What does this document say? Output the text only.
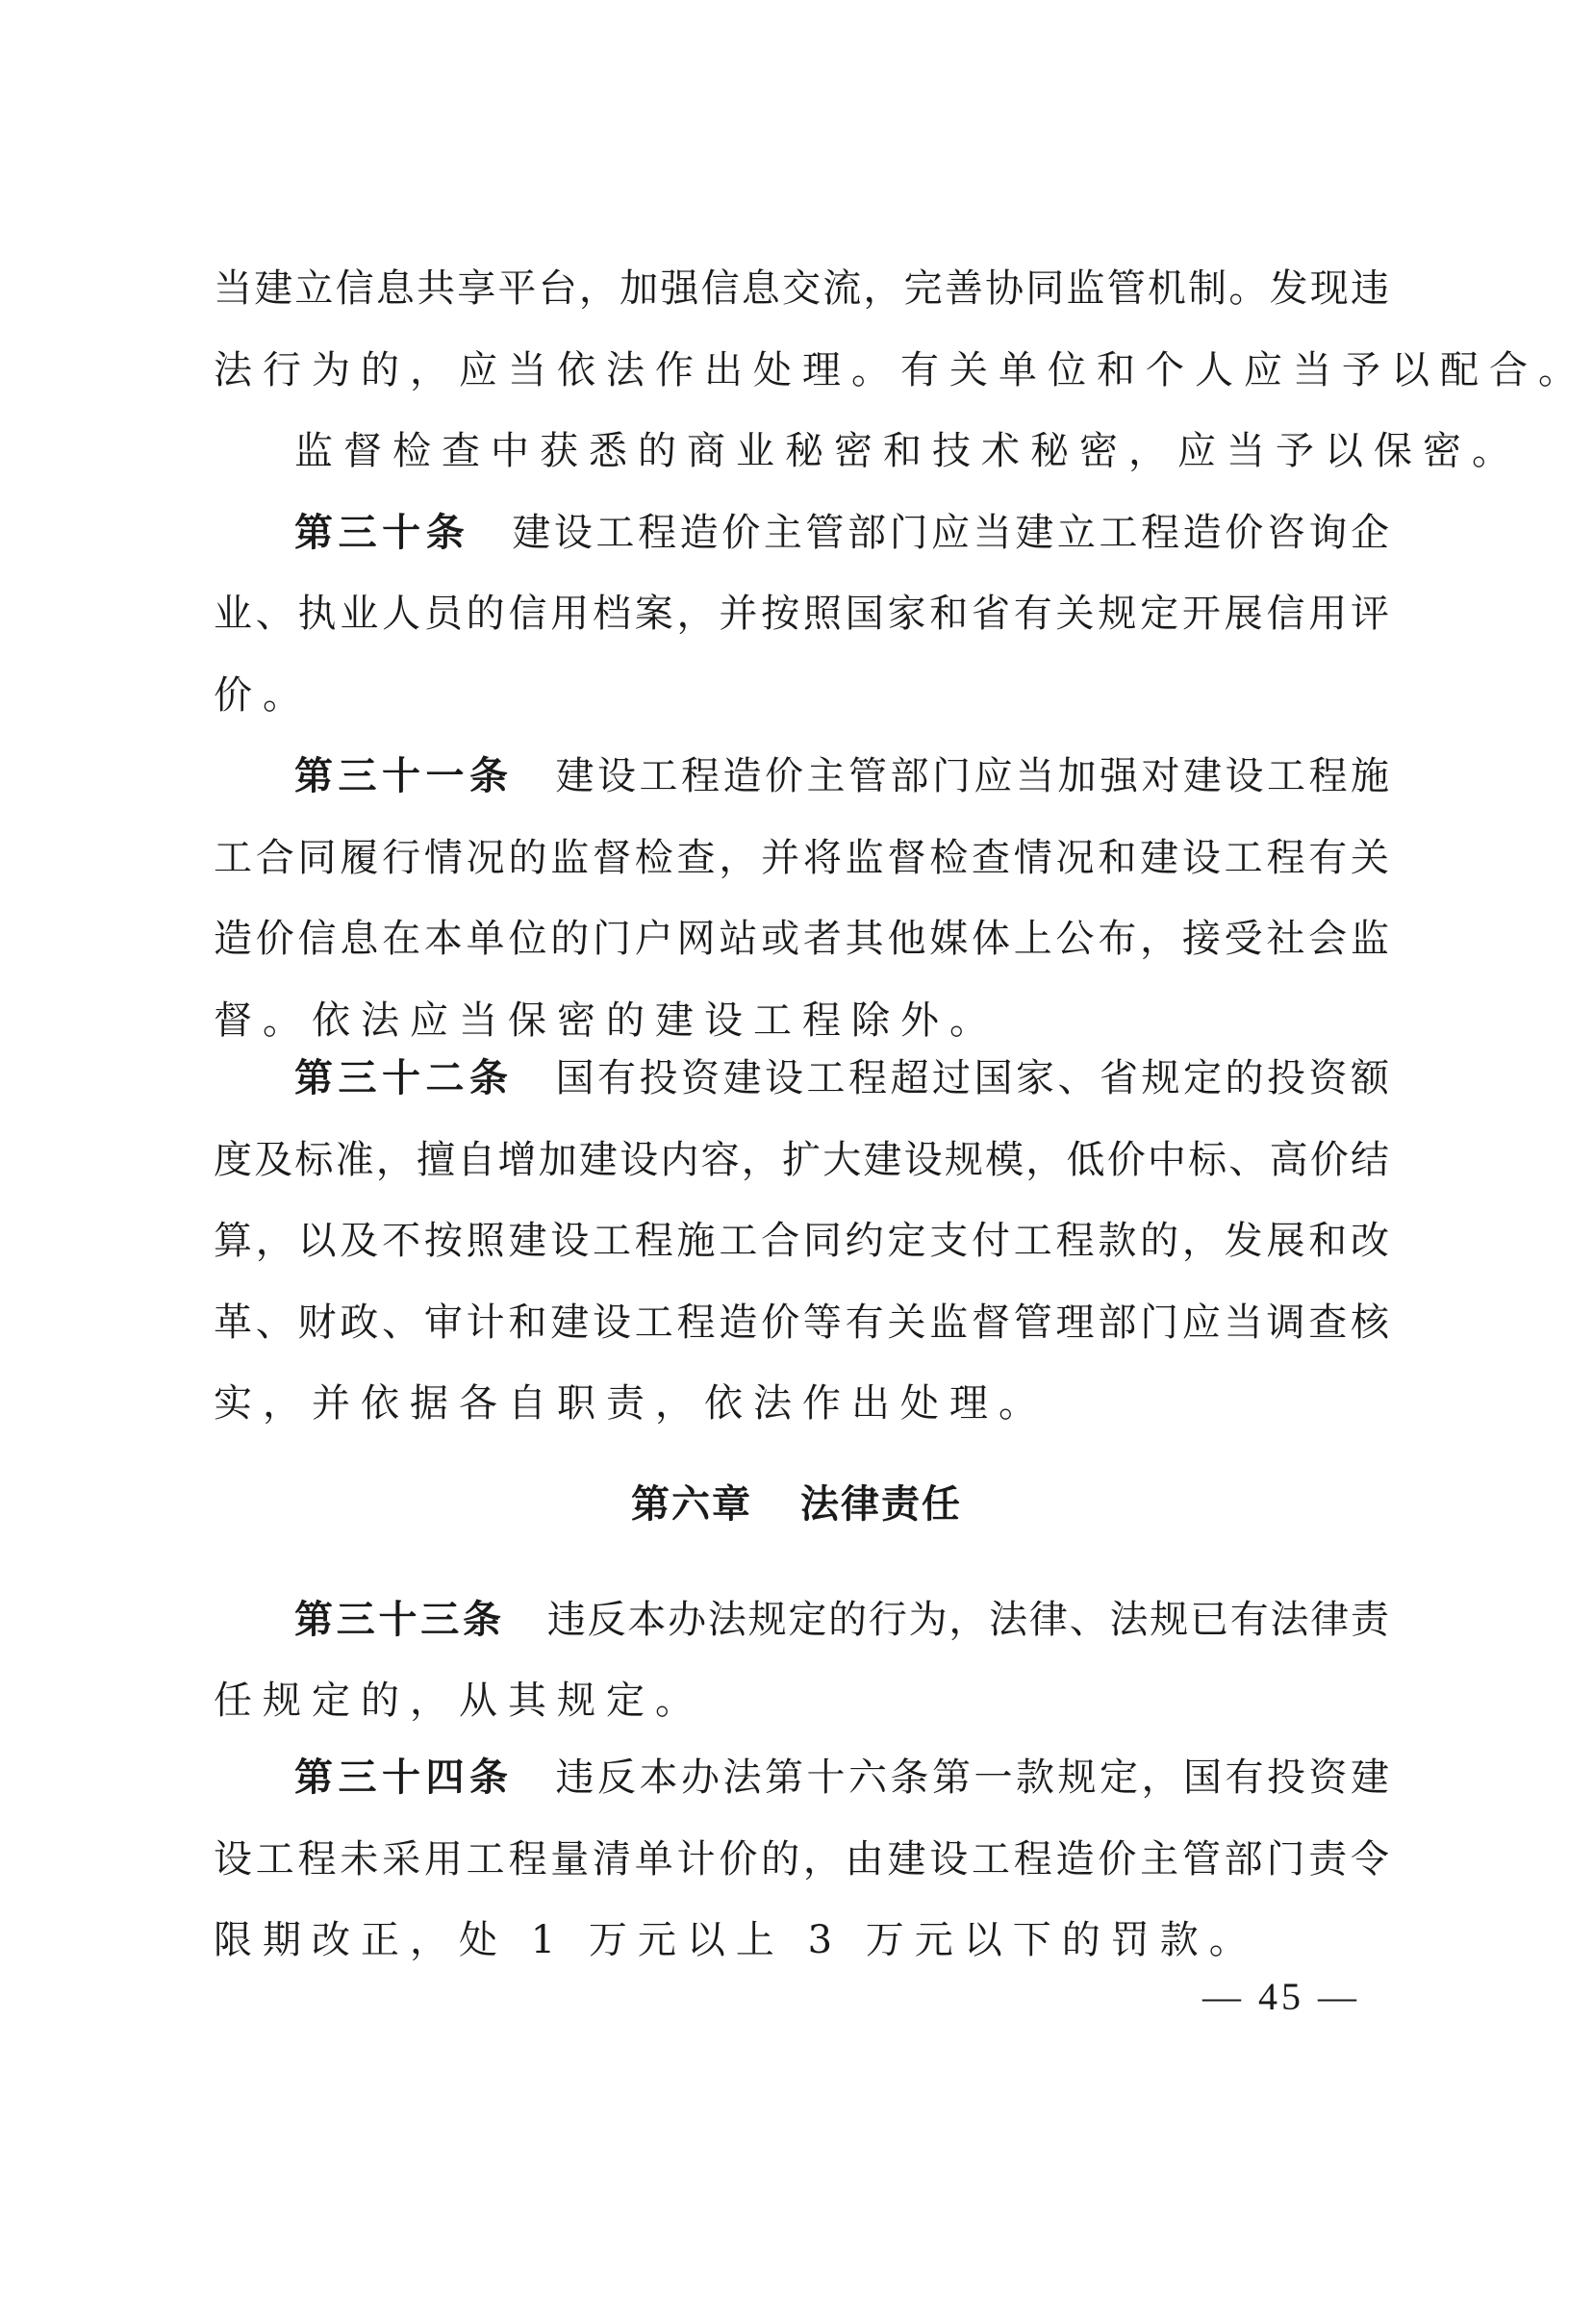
当建立信息共享平台，加强信息交流，完善协同监管机制。发现违
法行为的，应当依法作出处理。有关单位和个人应当予以配合。
监督检查中获悉的商业秘密和技术秘密，应当予以保密。
第三十条 建设工程造价主管部门应当建立工程造价咨询企
业、执业人员的信用档案，并按照国家和省有关规定开展信用评
价。
第三十一条 建设工程造价主管部门应当加强对建设工程施
工合同履行情况的监督检查，并将监督检查情况和建设工程有关
造价信息在本单位的门户网站或者其他媒体上公布，接受社会监
督。依法应当保密的建设工程除外。
第三十二条 国有投资建设工程超过国家、省规定的投资额
度及标准，擅自增加建设内容，扩大建设规模，低价中标、高价结
算，以及不按照建设工程施工合同约定支付工程款的，发展和改
革、财政、审计和建设工程造价等有关监督管理部门应当调查核
实，并依据各自职责，依法作出处理。
第六章 法律责任
第三十三条 违反本办法规定的行为，法律、法规已有法律责
任规定的，从其规定。
第三十四条 违反本办法第十六条第一款规定，国有投资建
设工程未采用工程量清单计价的，由建设工程造价主管部门责令
限期改正，处 1 万元以上 3 万元以下的罚款。
— 45 —
